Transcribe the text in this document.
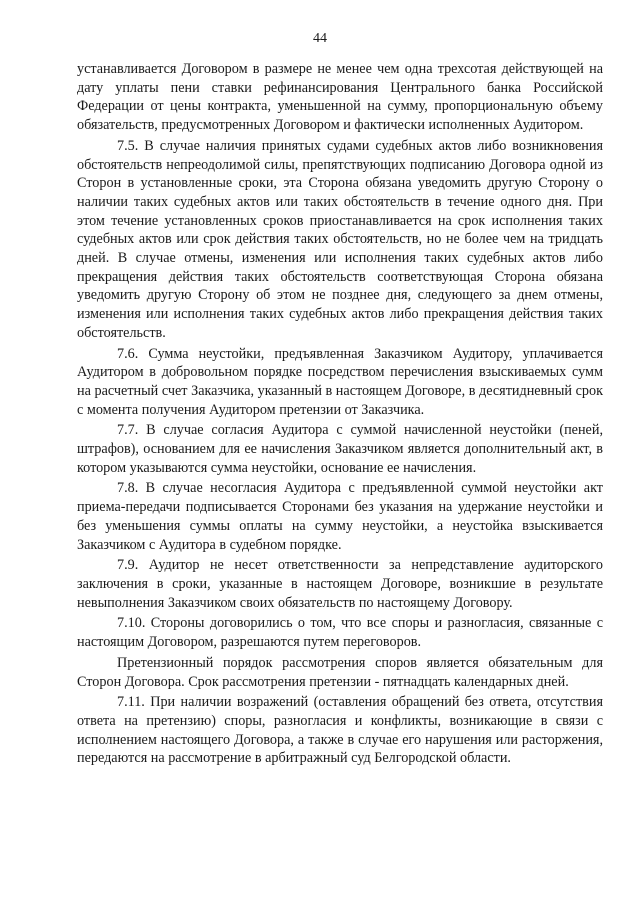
44

устанавливается Договором в размере не менее чем одна трехсотая действующей на дату уплаты пени ставки рефинансирования Центрального банка Российской Федерации от цены контракта, уменьшенной на сумму, пропорциональную объему обязательств, предусмотренных Договором и фактически исполненных Аудитором.

7.5. В случае наличия принятых судами судебных актов либо возникновения обстоятельств непреодолимой силы, препятствующих подписанию Договора одной из Сторон в установленные сроки, эта Сторона обязана уведомить другую Сторону о наличии таких судебных актов или таких обстоятельств в течение одного дня. При этом течение установленных сроков приостанавливается на срок исполнения таких судебных актов или срок действия таких обстоятельств, но не более чем на тридцать дней. В случае отмены, изменения или исполнения таких судебных актов либо прекращения действия таких обстоятельств соответствующая Сторона обязана уведомить другую Сторону об этом не позднее дня, следующего за днем отмены, изменения или исполнения таких судебных актов либо прекращения действия таких обстоятельств.

7.6. Сумма неустойки, предъявленная Заказчиком Аудитору, уплачивается Аудитором в добровольном порядке посредством перечисления взыскиваемых сумм на расчетный счет Заказчика, указанный в настоящем Договоре, в десятидневный срок с момента получения Аудитором претензии от Заказчика.

7.7. В случае согласия Аудитора с суммой начисленной неустойки (пеней, штрафов), основанием для ее начисления Заказчиком является дополнительный акт, в котором указываются сумма неустойки, основание ее начисления.

7.8. В случае несогласия Аудитора с предъявленной суммой неустойки акт приема-передачи подписывается Сторонами без указания на удержание неустойки и без уменьшения суммы оплаты на сумму неустойки, а неустойка взыскивается Заказчиком с Аудитора в судебном порядке.

7.9. Аудитор не несет ответственности за непредставление аудиторского заключения в сроки, указанные в настоящем Договоре, возникшие в результате невыполнения Заказчиком своих обязательств по настоящему Договору.

7.10. Стороны договорились о том, что все споры и разногласия, связанные с настоящим Договором, разрешаются путем переговоров.

Претензионный порядок рассмотрения споров является обязательным для Сторон Договора. Срок рассмотрения претензии - пятнадцать календарных дней.

7.11. При наличии возражений (оставления обращений без ответа, отсутствия ответа на претензию) споры, разногласия и конфликты, возникающие в связи с исполнением настоящего Договора, а также в случае его нарушения или расторжения, передаются на рассмотрение в арбитражный суд Белгородской области.
